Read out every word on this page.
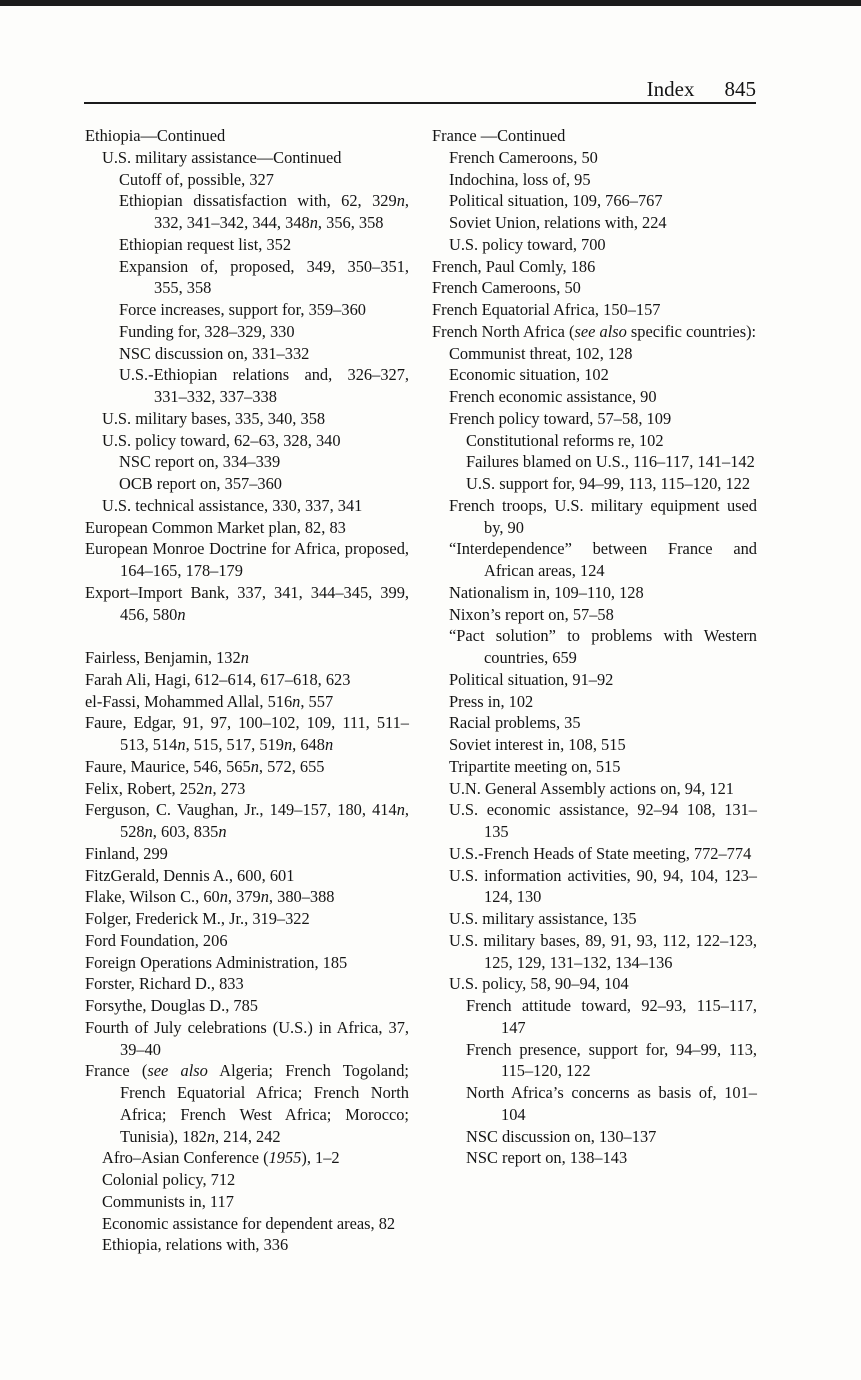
Index 845

Ethiopia—Continued

U.S. military assistance—Continued

Cutoff of, possible, 327

Ethiopian dissatisfaction with, 62, 329n, 332, 341–342, 344, 348n, 356, 358

Ethiopian request list, 352

Expansion of, proposed, 349, 350–351, 355, 358

Force increases, support for, 359–360

Funding for, 328–329, 330

NSC discussion on, 331–332

U.S.-Ethiopian relations and, 326–327, 331–332, 337–338

U.S. military bases, 335, 340, 358

U.S. policy toward, 62–63, 328, 340

NSC report on, 334–339

OCB report on, 357–360

U.S. technical assistance, 330, 337, 341

European Common Market plan, 82, 83

European Monroe Doctrine for Africa, proposed, 164–165, 178–179

Export–Import Bank, 337, 341, 344–345, 399, 456, 580n

Fairless, Benjamin, 132n

Farah Ali, Hagi, 612–614, 617–618, 623

el-Fassi, Mohammed Allal, 516n, 557

Faure, Edgar, 91, 97, 100–102, 109, 111, 511–513, 514n, 515, 517, 519n, 648n

Faure, Maurice, 546, 565n, 572, 655

Felix, Robert, 252n, 273

Ferguson, C. Vaughan, Jr., 149–157, 180, 414n, 528n, 603, 835n

Finland, 299

FitzGerald, Dennis A., 600, 601

Flake, Wilson C., 60n, 379n, 380–388

Folger, Frederick M., Jr., 319–322

Ford Foundation, 206

Foreign Operations Administration, 185

Forster, Richard D., 833

Forsythe, Douglas D., 785

Fourth of July celebrations (U.S.) in Africa, 37, 39–40

France (see also Algeria; French Togoland; French Equatorial Africa; French North Africa; French West Africa; Morocco; Tunisia), 182n, 214, 242

Afro–Asian Conference (1955), 1–2

Colonial policy, 712

Communists in, 117

Economic assistance for dependent areas, 82

Ethiopia, relations with, 336

France —Continued

French Cameroons, 50

Indochina, loss of, 95

Political situation, 109, 766–767

Soviet Union, relations with, 224

U.S. policy toward, 700

French, Paul Comly, 186

French Cameroons, 50

French Equatorial Africa, 150–157

French North Africa (see also specific countries):

Communist threat, 102, 128

Economic situation, 102

French economic assistance, 90

French policy toward, 57–58, 109

Constitutional reforms re, 102

Failures blamed on U.S., 116–117, 141–142

U.S. support for, 94–99, 113, 115–120, 122

French troops, U.S. military equipment used by, 90

“Interdependence” between France and African areas, 124

Nationalism in, 109–110, 128

Nixon’s report on, 57–58

“Pact solution” to problems with Western countries, 659

Political situation, 91–92

Press in, 102

Racial problems, 35

Soviet interest in, 108, 515

Tripartite meeting on, 515

U.N. General Assembly actions on, 94, 121

U.S. economic assistance, 92–94 108, 131–135

U.S.-French Heads of State meeting, 772–774

U.S. information activities, 90, 94, 104, 123–124, 130

U.S. military assistance, 135

U.S. military bases, 89, 91, 93, 112, 122–123, 125, 129, 131–132, 134–136

U.S. policy, 58, 90–94, 104

French attitude toward, 92–93, 115–117, 147

French presence, support for, 94–99, 113, 115–120, 122

North Africa’s concerns as basis of, 101–104

NSC discussion on, 130–137

NSC report on, 138–143
